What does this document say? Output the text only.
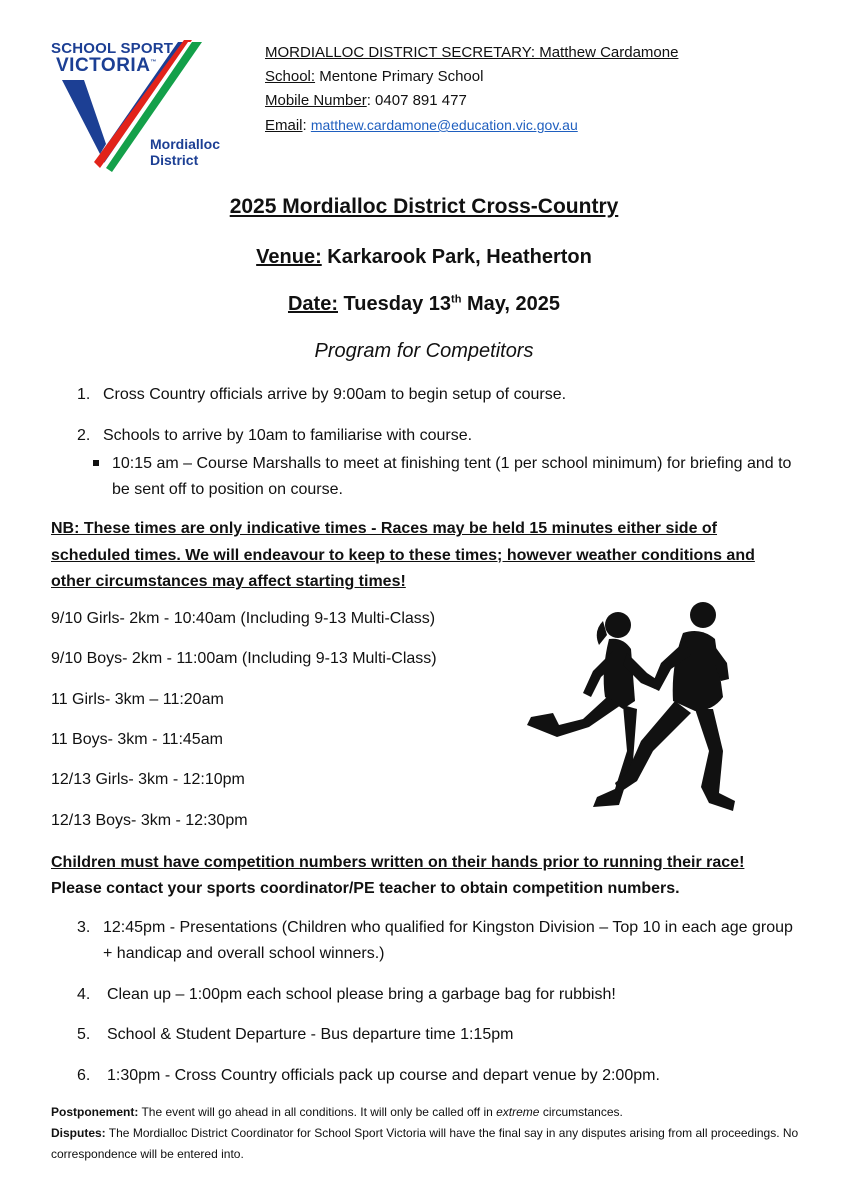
SCHOOL SPORT
VICTORIA™
Mordialloc
District
MORDIALLOC DISTRICT SECRETARY: Matthew Cardamone
School: Mentone Primary School
Mobile Number: 0407 891 477
Email: matthew.cardamone@education.vic.gov.au
2025 Mordialloc District Cross-Country
Venue: Karkarook Park, Heatherton
Date: Tuesday 13th May, 2025
Program for Competitors
1. Cross Country officials arrive by 9:00am to begin setup of course.
2. Schools to arrive by 10am to familiarise with course.
10:15 am – Course Marshalls to meet at finishing tent (1 per school minimum) for briefing and to be sent off to position on course.
NB: These times are only indicative times - Races may be held 15 minutes either side of scheduled times. We will endeavour to keep to these times; however weather conditions and other circumstances may affect starting times!
9/10 Girls- 2km - 10:40am (Including 9-13 Multi-Class)
9/10 Boys- 2km - 11:00am (Including 9-13 Multi-Class)
11 Girls- 3km – 11:20am
11 Boys- 3km - 11:45am
12/13 Girls- 3km - 12:10pm
12/13 Boys- 3km - 12:30pm
Children must have competition numbers written on their hands prior to running their race!
Please contact your sports coordinator/PE teacher to obtain competition numbers.
3. 12:45pm - Presentations (Children who qualified for Kingston Division – Top 10 in each age group + handicap and overall school winners.)
4. Clean up – 1:00pm each school please bring a garbage bag for rubbish!
5. School & Student Departure - Bus departure time 1:15pm
6. 1:30pm - Cross Country officials pack up course and depart venue by 2:00pm.
Postponement: The event will go ahead in all conditions. It will only be called off in extreme circumstances.
Disputes: The Mordialloc District Coordinator for School Sport Victoria will have the final say in any disputes arising from all proceedings. No correspondence will be entered into.
